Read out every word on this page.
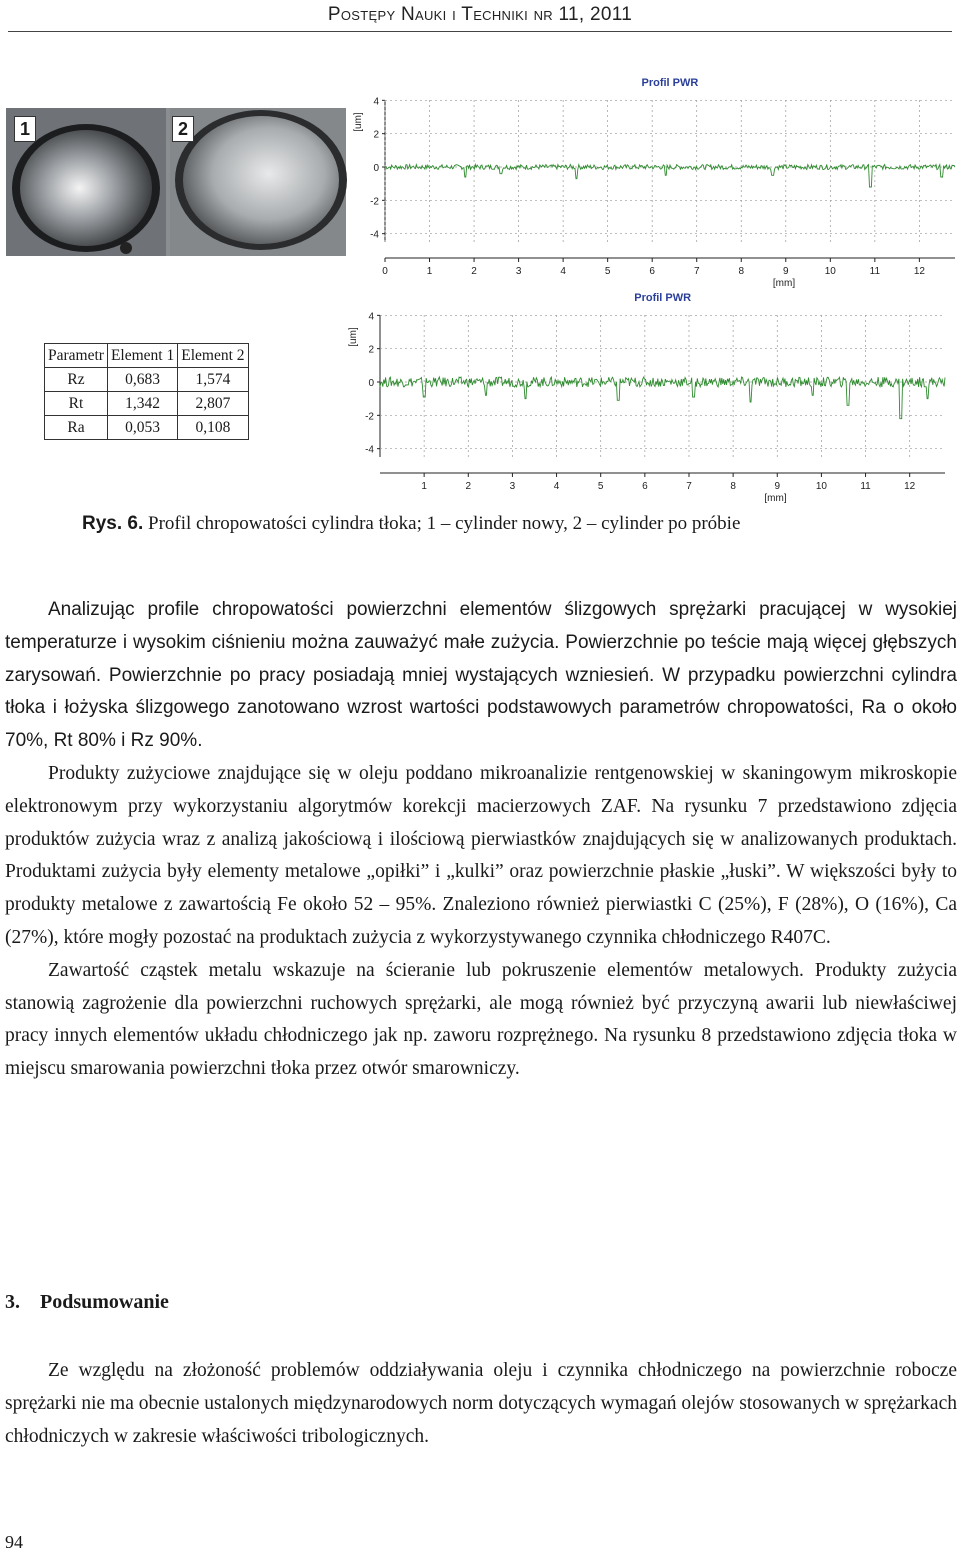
Postępy Nauki i Techniki nr 11, 2011
1	2
Parametr	Element 1	Element 2
Rz	0,683	1,574
Rt	1,342	2,807
Ra	0,053	0,108
Profil PWR
4
2
0
-2
-4
0	1	2	3	4	5	6	7	8	9	10	11	12
[um]
[mm]
Profil PWR
4
2
0
-2
-4
1	2	3	4	5	6	7	8	9	10	11	12
[um]
[mm]
Rys. 6. Profil chropowatości cylindra tłoka; 1 – cylinder nowy, 2 – cylinder po próbie

Analizując profile chropowatości powierzchni elementów ślizgowych sprężarki pracującej w wysokiej temperaturze i wysokim ciśnieniu można zauważyć małe zużycia. Powierzchnie po teście mają więcej głębszych zarysowań. Powierzchnie po pracy posiadają mniej wystających wzniesień. W przypadku powierzchni cylindra tłoka i łożyska ślizgowego zanotowano wzrost wartości podstawowych parametrów chropowatości, Ra o około 70%, Rt 80% i Rz 90%.

Produkty zużyciowe znajdujące się w oleju poddano mikroanalizie rentgenowskiej w skaningowym mikroskopie elektronowym przy wykorzystaniu algorytmów korekcji macierzowych ZAF. Na rysunku 7 przedstawiono zdjęcia produktów zużycia wraz z analizą jakościową i ilościową pierwiastków znajdujących się w analizowanych produktach. Produktami zużycia były elementy metalowe „opiłki” i „kulki” oraz powierzchnie płaskie „łuski”. W większości były to produkty metalowe z zawartością Fe około 52 – 95%. Znaleziono również pierwiastki C (25%), F (28%), O (16%), Ca (27%), które mogły pozostać na produktach zużycia z wykorzystywanego czynnika chłodniczego R407C.

Zawartość cząstek metalu wskazuje na ścieranie lub pokruszenie elementów metalowych. Produkty zużycia stanowią zagrożenie dla powierzchni ruchowych sprężarki, ale mogą również być przyczyną awarii lub niewłaściwej pracy innych elementów układu chłodniczego jak np. zaworu rozprężnego. Na rysunku 8 przedstawiono zdjęcia tłoka w miejscu smarowania powierzchni tłoka przez otwór smarowniczy.

3. Podsumowanie

Ze względu na złożoność problemów oddziaływania oleju i czynnika chłodniczego na powierzchnie robocze sprężarki nie ma obecnie ustalonych międzynarodowych norm dotyczących wymagań olejów stosowanych w sprężarkach chłodniczych w zakresie właściwości tribologicznych.

94
